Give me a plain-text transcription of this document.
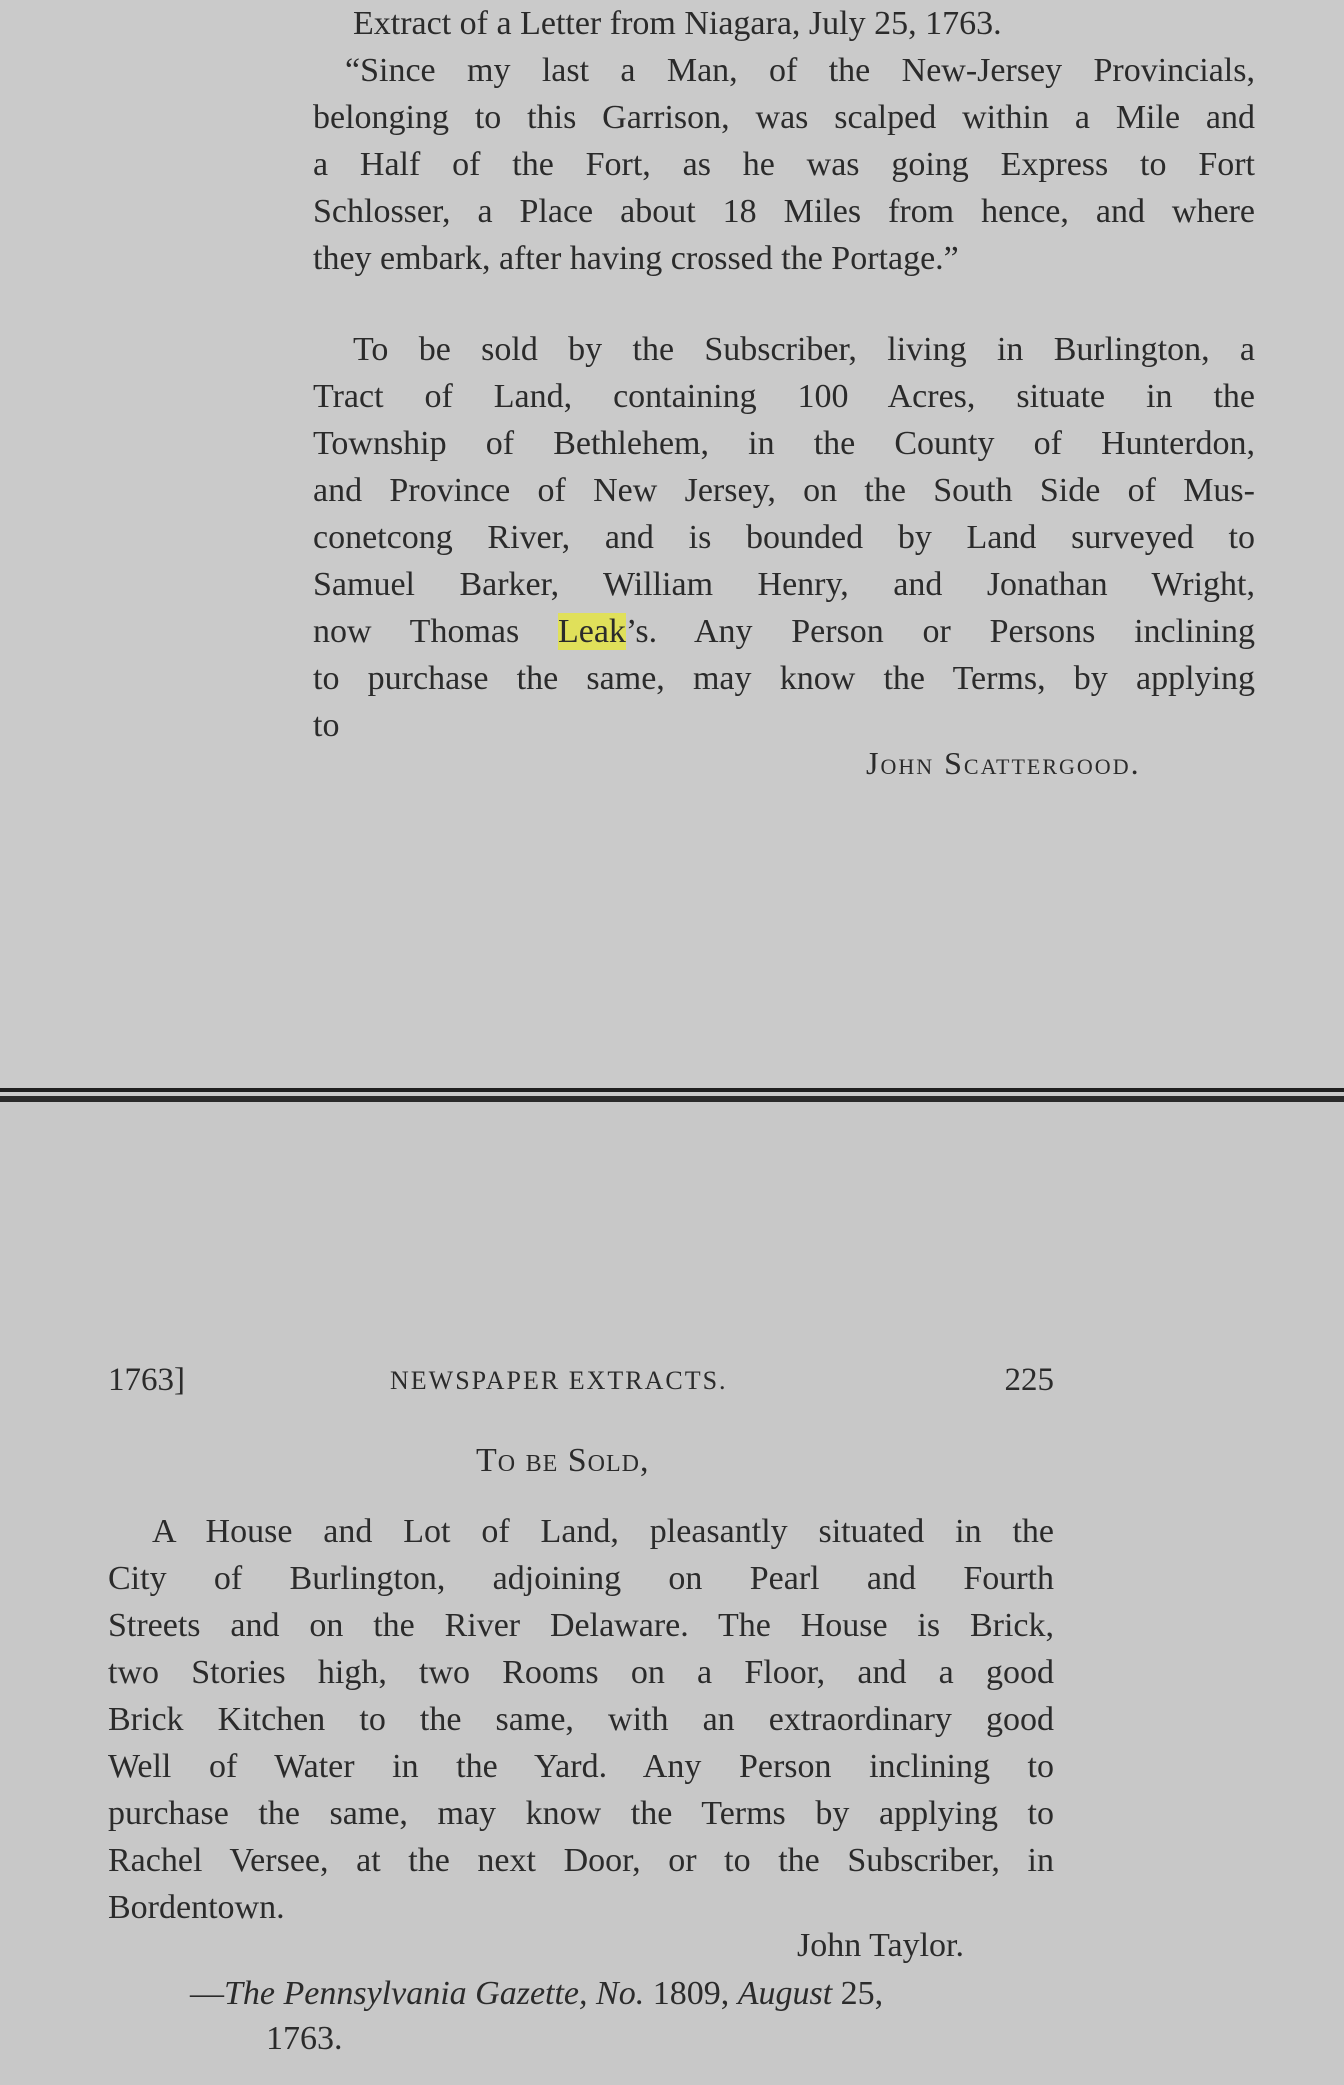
Extract of a Letter from Niagara, July 25, 1763.
“Since my last a Man, of the New-Jersey Provincials,
belonging to this Garrison, was scalped within a Mile and
a Half of the Fort, as he was going Express to Fort
Schlosser, a Place about 18 Miles from hence, and where
they embark, after having crossed the Portage.”
To be sold by the Subscriber, living in Burlington, a
Tract of Land, containing 100 Acres, situate in the
Township of Bethlehem, in the County of Hunterdon,
and Province of New Jersey, on the South Side of Mus-
conetcong River, and is bounded by Land surveyed to
Samuel Barker, William Henry, and Jonathan Wright,
now Thomas Leak’s. Any Person or Persons inclining
to purchase the same, may know the Terms, by applying
to
John Scattergood.
1763]	NEWSPAPER EXTRACTS.	225
To be Sold,
A House and Lot of Land, pleasantly situated in the
City of Burlington, adjoining on Pearl and Fourth
Streets and on the River Delaware. The House is Brick,
two Stories high, two Rooms on a Floor, and a good
Brick Kitchen to the same, with an extraordinary good
Well of Water in the Yard. Any Person inclining to
purchase the same, may know the Terms by applying to
Rachel Versee, at the next Door, or to the Subscriber, in
Bordentown.
John Taylor.
—The Pennsylvania Gazette, No. 1809, August 25,
1763.
